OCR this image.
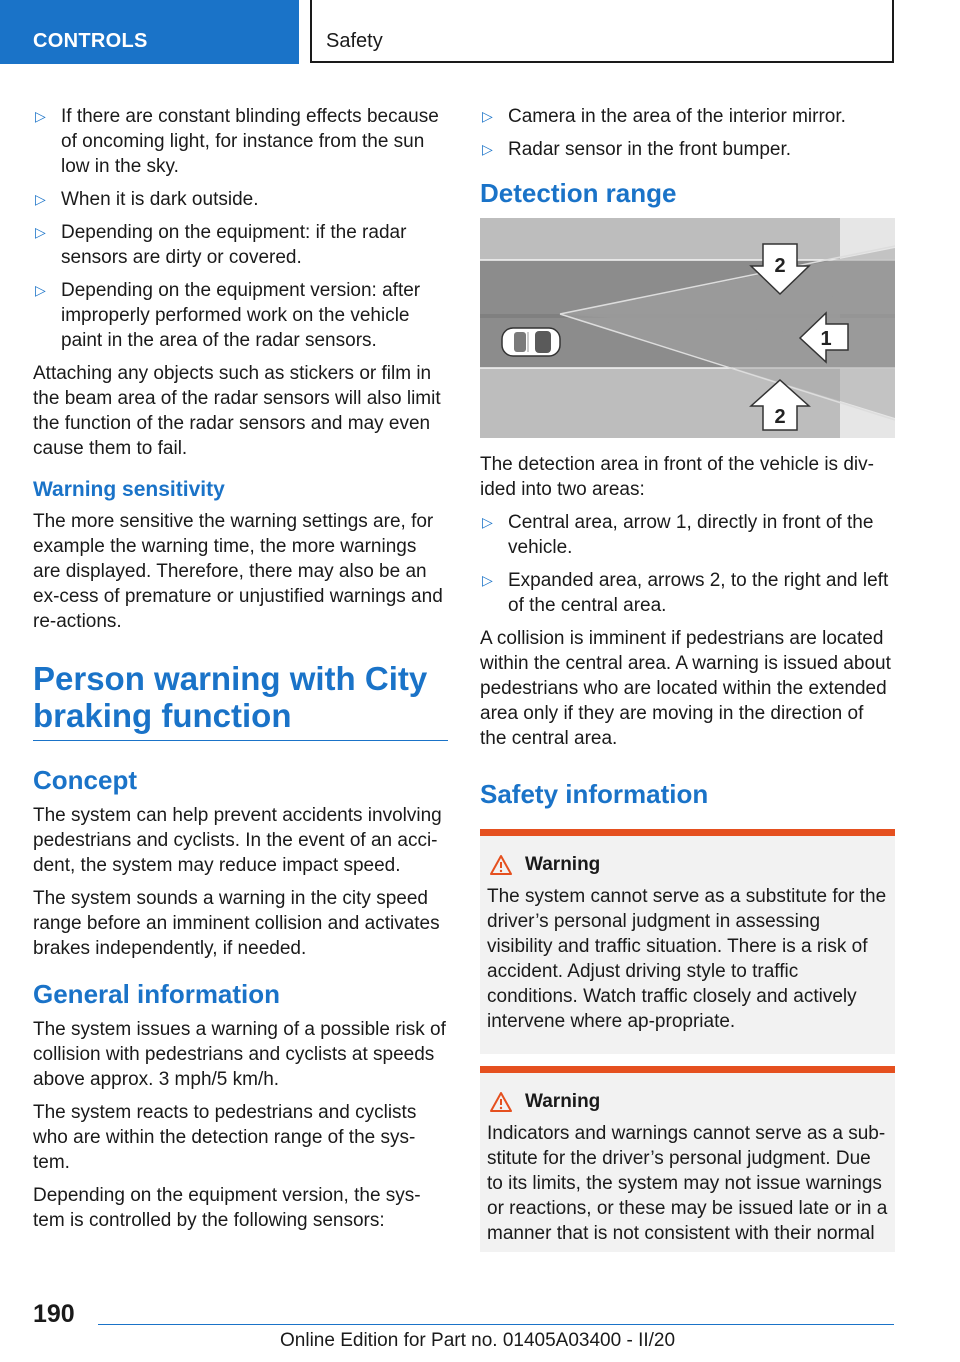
CONTROLS	Safety
▷ If there are constant blinding effects because of oncoming light, for instance from the sun low in the sky.
▷ When it is dark outside.
▷ Depending on the equipment: if the radar sensors are dirty or covered.
▷ Depending on the equipment version: after improperly performed work on the vehicle paint in the area of the radar sensors.

Attaching any objects such as stickers or film in the beam area of the radar sensors will also limit the function of the radar sensors and may even cause them to fail.

Warning sensitivity

The more sensitive the warning settings are, for example the warning time, the more warnings are displayed. Therefore, there may also be an ex-cess of premature or unjustified warnings and re-actions.

Person warning with City braking function
Concept

The system can help prevent accidents involving pedestrians and cyclists. In the event of an acci-dent, the system may reduce impact speed.

The system sounds a warning in the city speed range before an imminent collision and activates brakes independently, if needed.

General information

The system issues a warning of a possible risk of collision with pedestrians and cyclists at speeds above approx. 3 mph/5 km/h.

The system reacts to pedestrians and cyclists who are within the detection range of the sys-tem.

Depending on the equipment version, the sys-tem is controlled by the following sensors:

▷ Camera in the area of the interior mirror.
▷ Radar sensor in the front bumper.
Detection range
2
1
2

The detection area in front of the vehicle is div-ided into two areas:

▷ Central area, arrow 1, directly in front of the vehicle.
▷ Expanded area, arrows 2, to the right and left of the central area.

A collision is imminent if pedestrians are located within the central area. A warning is issued about pedestrians who are located within the extended area only if they are moving in the direction of the central area.

Safety information
Warning

The system cannot serve as a substitute for the driver’s personal judgment in assessing visibility and traffic situation. There is a risk of accident. Adjust driving style to traffic conditions. Watch traffic closely and actively intervene where ap-propriate.

Warning

Indicators and warnings cannot serve as a sub-stitute for the driver’s personal judgment. Due to its limits, the system may not issue warnings or reactions, or these may be issued late or in a manner that is not consistent with their normal

190
Online Edition for Part no. 01405A03400 - II/20
